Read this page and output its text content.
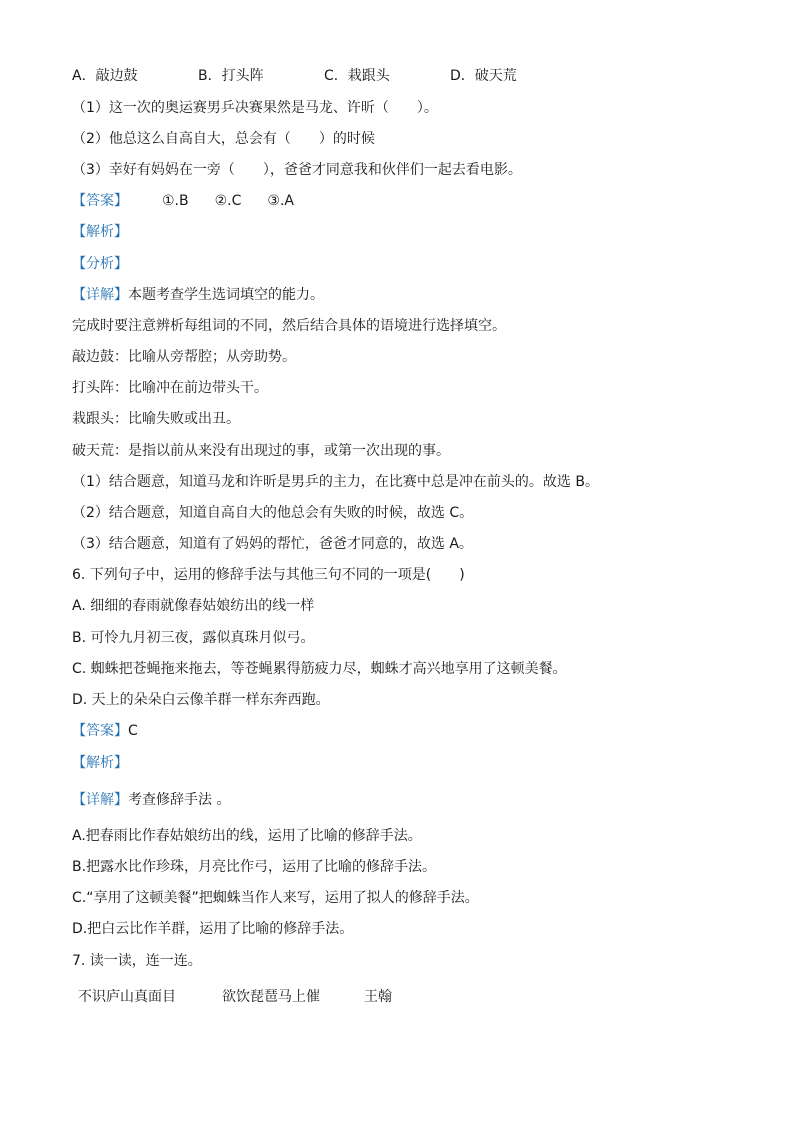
A．敲边鼓	B．打头阵	C．栽跟头	D．破天荒
（1）这一次的奥运赛男乒决赛果然是马龙、许昕（　　）。
（2）他总这么自高自大，总会有（　　）的时候
（3）幸好有妈妈在一旁（　　），爸爸才同意我和伙伴们一起去看电影。
【答案】 ①.B ②.C ③.A
【解析】
【分析】
【详解】本题考查学生选词填空的能力。
完成时要注意辨析每组词的不同，然后结合具体的语境进行选择填空。
敲边鼓：比喻从旁帮腔；从旁助势。
打头阵：比喻冲在前边带头干。
栽跟头：比喻失败或出丑。
破天荒：是指以前从来没有出现过的事，或第一次出现的事。
（1）结合题意，知道马龙和许昕是男乒的主力，在比赛中总是冲在前头的。故选 B。
（2）结合题意，知道自高自大的他总会有失败的时候，故选 C。
（3）结合题意，知道有了妈妈的帮忙，爸爸才同意的，故选 A。
6. 下列句子中，运用的修辞手法与其他三句不同的一项是(　　)
A. 细细的春雨就像春姑娘纺出的线一样
B. 可怜九月初三夜，露似真珠月似弓。
C. 蜘蛛把苍蝇拖来拖去，等苍蝇累得筋疲力尽，蜘蛛才高兴地享用了这顿美餐。
D. 天上的朵朵白云像羊群一样东奔西跑。
【答案】C
【解析】
【详解】考查修辞手法 。
A.把春雨比作春姑娘纺出的线，运用了比喻的修辞手法。
B.把露水比作珍珠，月亮比作弓，运用了比喻的修辞手法。
C.“享用了这顿美餐”把蜘蛛当作人来写，运用了拟人的修辞手法。
D.把白云比作羊群，运用了比喻的修辞手法。
7. 读一读，连一连。
不识庐山真面目	欲饮琵琶马上催	王翰
